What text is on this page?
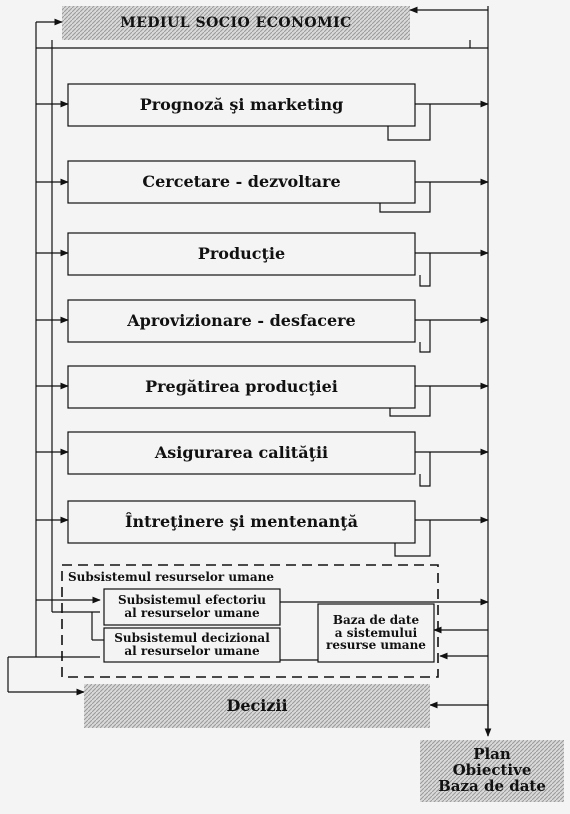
MEDIUL SOCIO ECONOMIC
Prognoză şi marketing
Cercetare - dezvoltare
Producţie
Aprovizionare - desfacere
Pregătirea producţiei
Asigurarea calităţii
Întreţinere şi mentenanţă
Subsistemul resurselor umane
Subsistemul efectoriu
al resurselor umane
Subsistemul decizional
al resurselor umane
Baza de date
a sistemului
resurse umane
Decizii
Plan
Obiective
Baza de date
